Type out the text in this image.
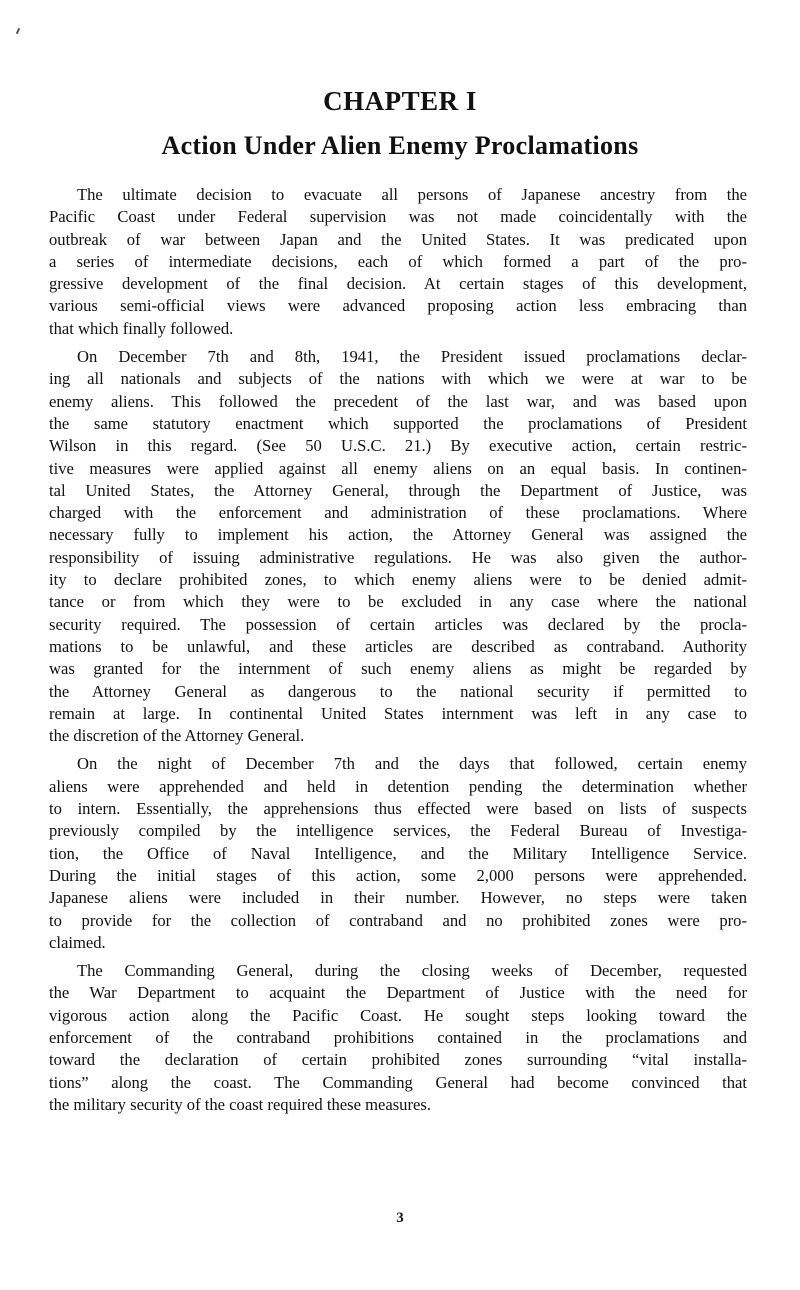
CHAPTER I
Action Under Alien Enemy Proclamations
The ultimate decision to evacuate all persons of Japanese ancestry from the
Pacific Coast under Federal supervision was not made coincidentally with the
outbreak of war between Japan and the United States. It was predicated upon
a series of intermediate decisions, each of which formed a part of the pro-
gressive development of the final decision. At certain stages of this development,
various semi-official views were advanced proposing action less embracing than
that which finally followed.
On December 7th and 8th, 1941, the President issued proclamations declar-
ing all nationals and subjects of the nations with which we were at war to be
enemy aliens. This followed the precedent of the last war, and was based upon
the same statutory enactment which supported the proclamations of President
Wilson in this regard. (See 50 U.S.C. 21.) By executive action, certain restric-
tive measures were applied against all enemy aliens on an equal basis. In continen-
tal United States, the Attorney General, through the Department of Justice, was
charged with the enforcement and administration of these proclamations. Where
necessary fully to implement his action, the Attorney General was assigned the
responsibility of issuing administrative regulations. He was also given the author-
ity to declare prohibited zones, to which enemy aliens were to be denied admit-
tance or from which they were to be excluded in any case where the national
security required. The possession of certain articles was declared by the procla-
mations to be unlawful, and these articles are described as contraband. Authority
was granted for the internment of such enemy aliens as might be regarded by
the Attorney General as dangerous to the national security if permitted to
remain at large. In continental United States internment was left in any case to
the discretion of the Attorney General.
On the night of December 7th and the days that followed, certain enemy
aliens were apprehended and held in detention pending the determination whether
to intern. Essentially, the apprehensions thus effected were based on lists of suspects
previously compiled by the intelligence services, the Federal Bureau of Investiga-
tion, the Office of Naval Intelligence, and the Military Intelligence Service.
During the initial stages of this action, some 2,000 persons were apprehended.
Japanese aliens were included in their number. However, no steps were taken
to provide for the collection of contraband and no prohibited zones were pro-
claimed.
The Commanding General, during the closing weeks of December, requested
the War Department to acquaint the Department of Justice with the need for
vigorous action along the Pacific Coast. He sought steps looking toward the
enforcement of the contraband prohibitions contained in the proclamations and
toward the declaration of certain prohibited zones surrounding “vital installa-
tions” along the coast. The Commanding General had become convinced that
the military security of the coast required these measures.
3
